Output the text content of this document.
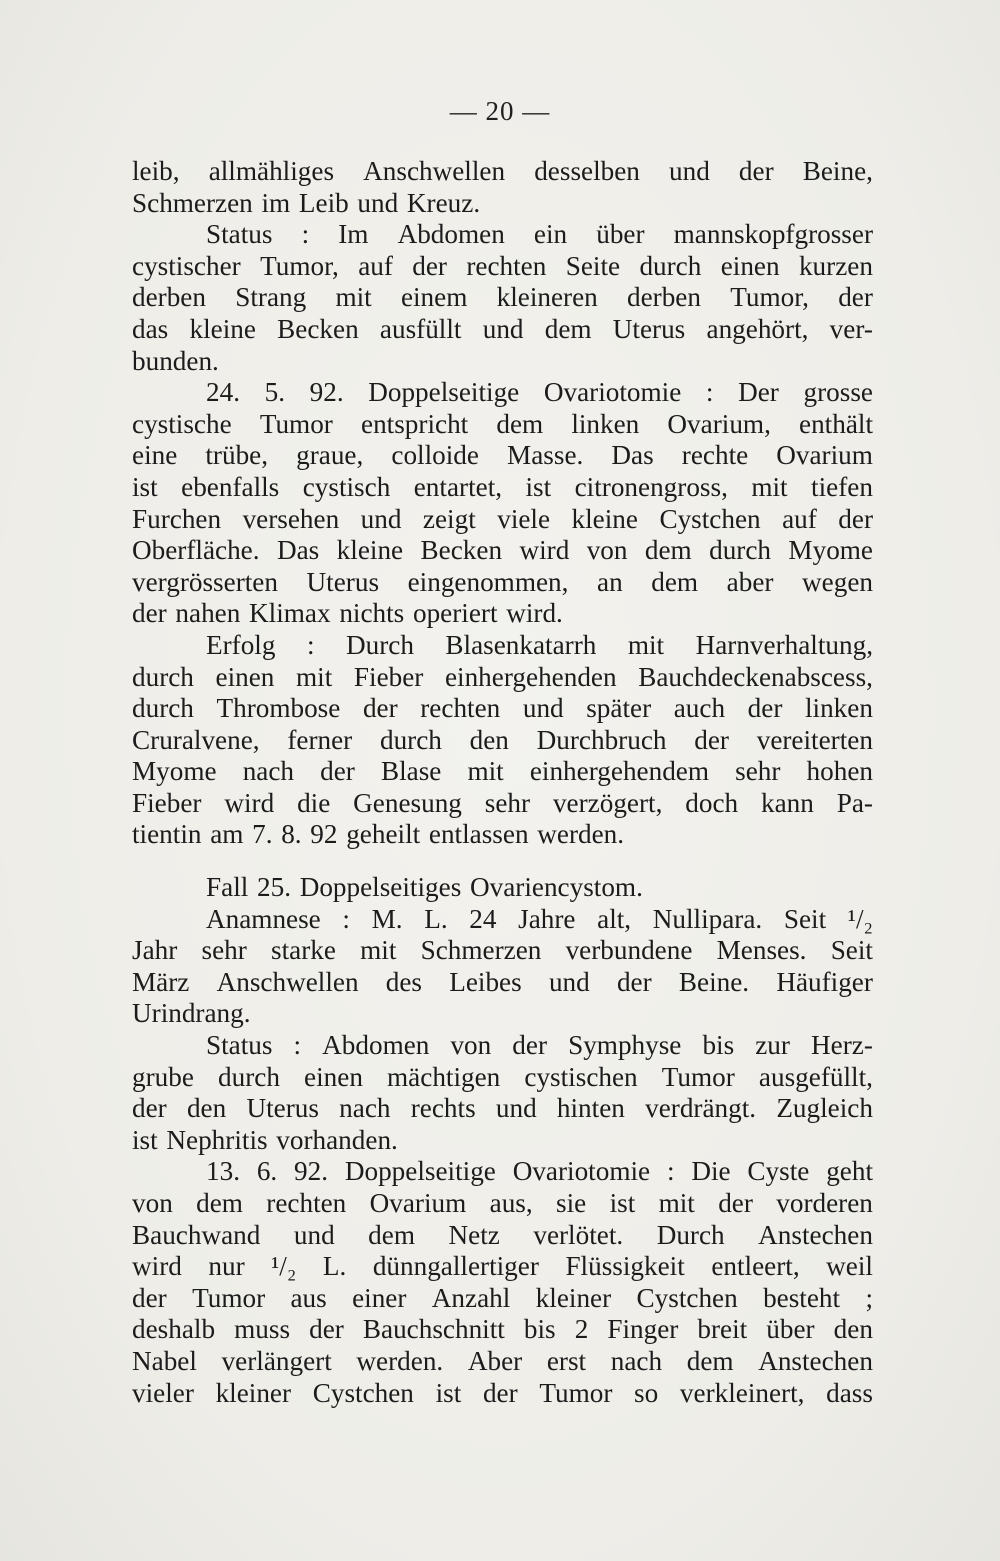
— 20 —
leib, allmähliges Anschwellen desselben und der Beine,
Schmerzen im Leib und Kreuz.
Status : Im Abdomen ein über mannskopfgrosser
cystischer Tumor, auf der rechten Seite durch einen kurzen
derben Strang mit einem kleineren derben Tumor, der
das kleine Becken ausfüllt und dem Uterus angehört, ver-
bunden.
24. 5. 92. Doppelseitige Ovariotomie : Der grosse
cystische Tumor entspricht dem linken Ovarium, enthält
eine trübe, graue, colloide Masse. Das rechte Ovarium
ist ebenfalls cystisch entartet, ist citronengross, mit tiefen
Furchen versehen und zeigt viele kleine Cystchen auf der
Oberfläche. Das kleine Becken wird von dem durch Myome
vergrösserten Uterus eingenommen, an dem aber wegen
der nahen Klimax nichts operiert wird.
Erfolg : Durch Blasenkatarrh mit Harnverhaltung,
durch einen mit Fieber einhergehenden Bauchdeckenabscess,
durch Thrombose der rechten und später auch der linken
Cruralvene, ferner durch den Durchbruch der vereiterten
Myome nach der Blase mit einhergehendem sehr hohen
Fieber wird die Genesung sehr verzögert, doch kann Pa-
tientin am 7. 8. 92 geheilt entlassen werden.
Fall 25. Doppelseitiges Ovariencystom.
Anamnese : M. L. 24 Jahre alt, Nullipara. Seit ¹/₂
Jahr sehr starke mit Schmerzen verbundene Menses. Seit
März Anschwellen des Leibes und der Beine. Häufiger
Urindrang.
Status : Abdomen von der Symphyse bis zur Herz-
grube durch einen mächtigen cystischen Tumor ausgefüllt,
der den Uterus nach rechts und hinten verdrängt. Zugleich
ist Nephritis vorhanden.
13. 6. 92. Doppelseitige Ovariotomie : Die Cyste geht
von dem rechten Ovarium aus, sie ist mit der vorderen
Bauchwand und dem Netz verlötet. Durch Anstechen
wird nur ¹/₂ L. dünngallertiger Flüssigkeit entleert, weil
der Tumor aus einer Anzahl kleiner Cystchen besteht ;
deshalb muss der Bauchschnitt bis 2 Finger breit über den
Nabel verlängert werden. Aber erst nach dem Anstechen
vieler kleiner Cystchen ist der Tumor so verkleinert, dass
